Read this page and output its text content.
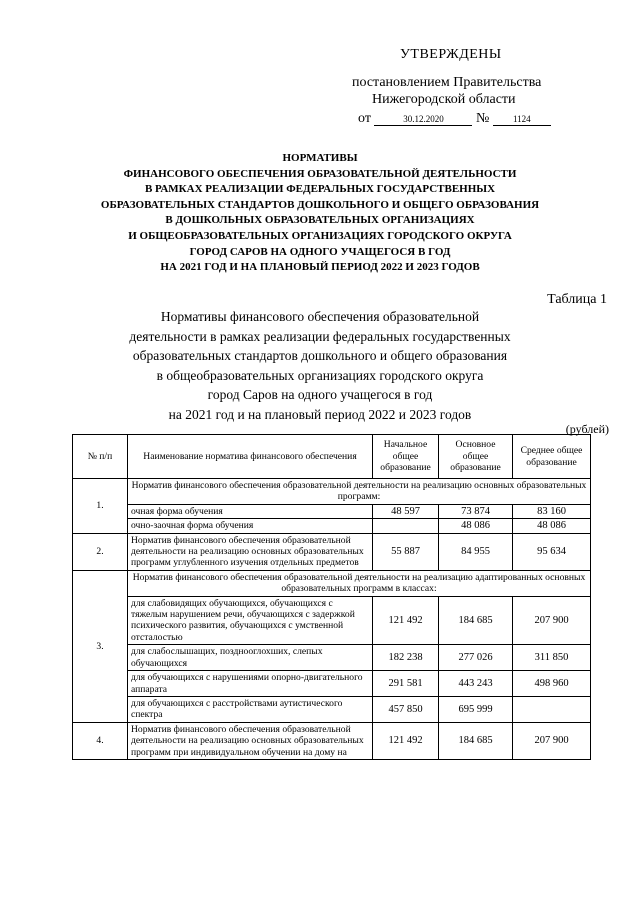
УТВЕРЖДЕНЫ
постановлением Правительства
Нижегородской области
от	30.12.2020 №	1124
НОРМАТИВЫ
ФИНАНСОВОГО ОБЕСПЕЧЕНИЯ ОБРАЗОВАТЕЛЬНОЙ ДЕЯТЕЛЬНОСТИ
В РАМКАХ РЕАЛИЗАЦИИ ФЕДЕРАЛЬНЫХ ГОСУДАРСТВЕННЫХ
ОБРАЗОВАТЕЛЬНЫХ СТАНДАРТОВ ДОШКОЛЬНОГО И ОБЩЕГО ОБРАЗОВАНИЯ
В ДОШКОЛЬНЫХ ОБРАЗОВАТЕЛЬНЫХ ОРГАНИЗАЦИЯХ
И ОБЩЕОБРАЗОВАТЕЛЬНЫХ ОРГАНИЗАЦИЯХ ГОРОДСКОГО ОКРУГА
ГОРОД САРОВ НА ОДНОГО УЧАЩЕГОСЯ В ГОД
НА 2021 ГОД И НА ПЛАНОВЫЙ ПЕРИОД 2022 И 2023 ГОДОВ
Таблица 1
Нормативы финансового обеспечения образовательной
деятельности в рамках реализации федеральных государственных
образовательных стандартов дошкольного и общего образования
в общеобразовательных организациях городского округа
город Саров на одного учащегося в год
на 2021 год и на плановый период 2022 и 2023 годов
(рублей)
№ п/п	Наименование норматива финансового обеспечения	Начальное общее образование	Основное общее образование	Среднее общее образование
1.	Норматив финансового обеспечения образовательной деятельности на реализацию основных образовательных программ:			
	очная форма обучения	48 597	73 874	83 160
	очно-заочная форма обучения		48 086	48 086
2.	Норматив финансового обеспечения образовательной деятельности на реализацию основных образовательных программ углубленного изучения отдельных предметов	55 887	84 955	95 634
3.	Норматив финансового обеспечения образовательной деятельности на реализацию адаптированных основных образовательных программ в классах:			
	для слабовидящих обучающихся, обучающихся с тяжелым нарушением речи, обучающихся с задержкой психического развития, обучающихся с умственной отсталостью	121 492	184 685	207 900
	для слабослышащих, позднооглохших, слепых обучающихся	182 238	277 026	311 850
	для обучающихся с нарушениями опорно-двигательного аппарата	291 581	443 243	498 960
	для обучающихся с расстройствами аутистического спектра	457 850	695 999	
4.	Норматив финансового обеспечения образовательной деятельности на реализацию основных образовательных программ при индивидуальном обучении на дому на	121 492	184 685	207 900
